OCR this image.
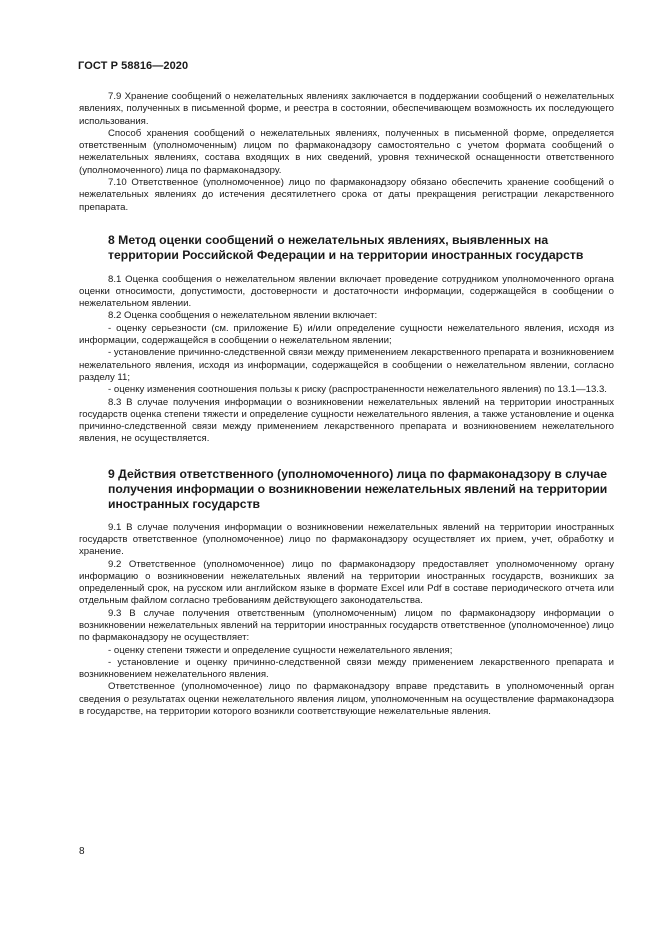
ГОСТ Р 58816—2020

7.9 Хранение сообщений о нежелательных явлениях заключается в поддержании сообщений о нежелательных явлениях, полученных в письменной форме, и реестра в состоянии, обеспечивающем возможность их последующего использования.

Способ хранения сообщений о нежелательных явлениях, полученных в письменной форме, определяется ответственным (уполномоченным) лицом по фармаконадзору самостоятельно с учетом формата сообщений о нежелательных явлениях, состава входящих в них сведений, уровня технической оснащенности ответственного (уполномоченного) лица по фармаконадзору.

7.10 Ответственное (уполномоченное) лицо по фармаконадзору обязано обеспечить хранение сообщений о нежелательных явлениях до истечения десятилетнего срока от даты прекращения регистрации лекарственного препарата.

8 Метод оценки сообщений о нежелательных явлениях, выявленных на территории Российской Федерации и на территории иностранных государств

8.1 Оценка сообщения о нежелательном явлении включает проведение сотрудником уполномоченного органа оценки относимости, допустимости, достоверности и достаточности информации, содержащейся в сообщении о нежелательном явлении.

8.2 Оценка сообщения о нежелательном явлении включает:

- оценку серьезности (см. приложение Б) и/или определение сущности нежелательного явления, исходя из информации, содержащейся в сообщении о нежелательном явлении;

- установление причинно-следственной связи между применением лекарственного препарата и возникновением нежелательного явления, исходя из информации, содержащейся в сообщении о нежелательном явлении, согласно разделу 11;

- оценку изменения соотношения пользы к риску (распространенности нежелательного явления) по 13.1—13.3.

8.3 В случае получения информации о возникновении нежелательных явлений на территории иностранных государств оценка степени тяжести и определение сущности нежелательного явления, а также установление и оценка причинно-следственной связи между применением лекарственного препарата и возникновением нежелательного явления, не осуществляется.

9 Действия ответственного (уполномоченного) лица по фармаконадзору в случае получения информации о возникновении нежелательных явлений на территории иностранных государств

9.1 В случае получения информации о возникновении нежелательных явлений на территории иностранных государств ответственное (уполномоченное) лицо по фармаконадзору осуществляет их прием, учет, обработку и хранение.

9.2 Ответственное (уполномоченное) лицо по фармаконадзору предоставляет уполномоченному органу информацию о возникновении нежелательных явлений на территории иностранных государств, возникших за определенный срок, на русском или английском языке в формате Excel или Pdf в составе периодического отчета или отдельным файлом согласно требованиям действующего законодательства.

9.3 В случае получения ответственным (уполномоченным) лицом по фармаконадзору информации о возникновении нежелательных явлений на территории иностранных государств ответственное (уполномоченное) лицо по фармаконадзору не осуществляет:

- оценку степени тяжести и определение сущности нежелательного явления;

- установление и оценку причинно-следственной связи между применением лекарственного препарата и возникновением нежелательного явления.

Ответственное (уполномоченное) лицо по фармаконадзору вправе представить в уполномоченный орган сведения о результатах оценки нежелательного явления лицом, уполномоченным на осуществление фармаконадзора в государстве, на территории которого возникли соответствующие нежелательные явления.

8
